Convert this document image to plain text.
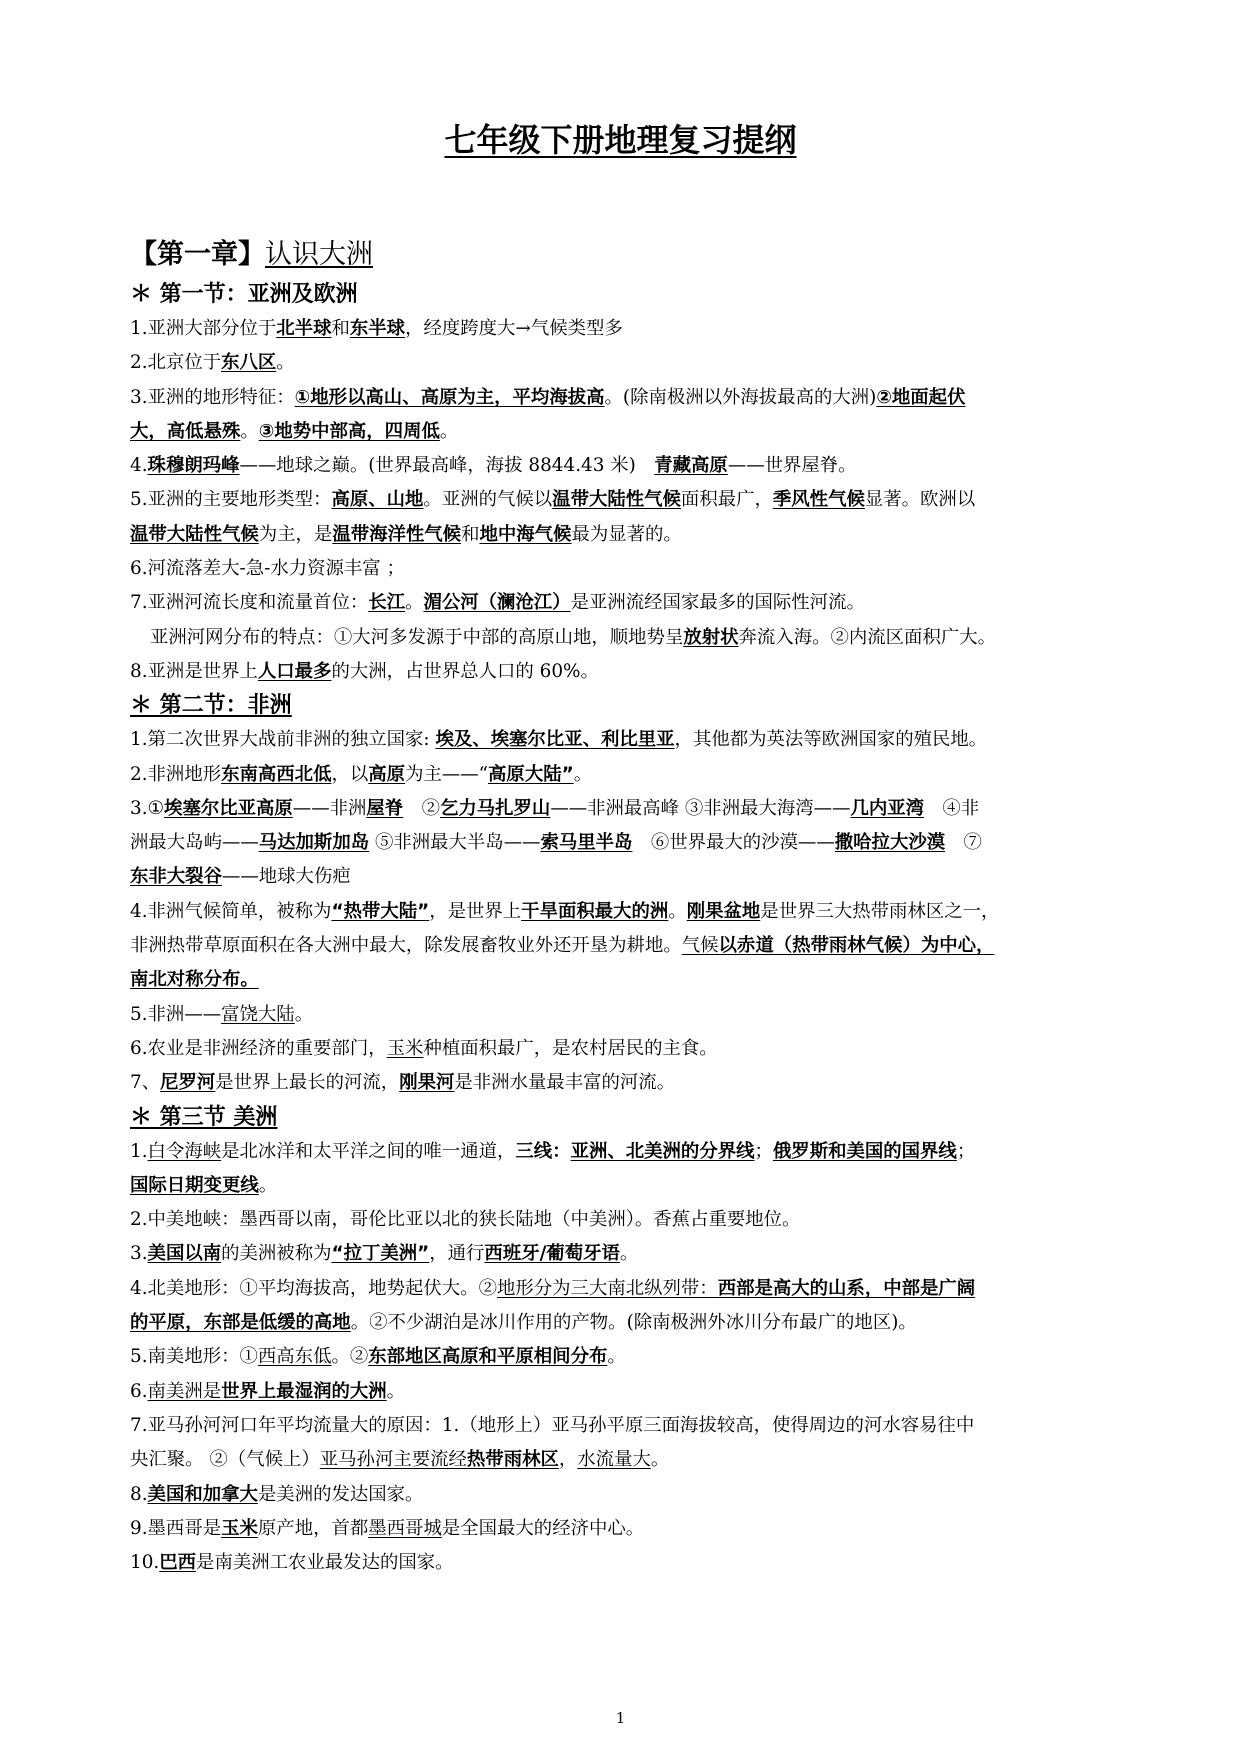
七年级下册地理复习提纲
【第一章】认识大洲
＊ 第一节：亚洲及欧洲
1.亚洲大部分位于北半球和东半球，经度跨度大→气候类型多
2.北京位于东八区。
3.亚洲的地形特征：①地形以高山、高原为主，平均海拔高。(除南极洲以外海拔最高的大洲)②地面起伏
大，高低悬殊。③地势中部高，四周低。
4.珠穆朗玛峰——地球之巅。(世界最高峰，海拔 8844.43 米)　青藏高原——世界屋脊。
5.亚洲的主要地形类型：高原、山地。亚洲的气候以温带大陆性气候面积最广，季风性气候显著。欧洲以
温带大陆性气候为主，是温带海洋性气候和地中海气候最为显著的。
6.河流落差大-急-水力资源丰富 ；
7.亚洲河流长度和流量首位：长江。湄公河（澜沧江）是亚洲流经国家最多的国际性河流。
亚洲河网分布的特点：①大河多发源于中部的高原山地，顺地势呈放射状奔流入海。②内流区面积广大。
8.亚洲是世界上人口最多的大洲，占世界总人口的 60%。
＊ 第二节：非洲
1.第二次世界大战前非洲的独立国家: 埃及、埃塞尔比亚、利比里亚，其他都为英法等欧洲国家的殖民地。
2.非洲地形东南高西北低，以高原为主——“高原大陆”。
3.①埃塞尔比亚高原——非洲屋脊　②乞力马扎罗山——非洲最高峰 ③非洲最大海湾——几内亚湾　④非
洲最大岛屿——马达加斯加岛 ⑤非洲最大半岛——索马里半岛　⑥世界最大的沙漠——撒哈拉大沙漠　⑦
东非大裂谷——地球大伤疤
4.非洲气候简单，被称为“热带大陆”，是世界上干旱面积最大的洲。刚果盆地是世界三大热带雨林区之一，
非洲热带草原面积在各大洲中最大，除发展畜牧业外还开垦为耕地。气候以赤道（热带雨林气候）为中心，
南北对称分布。
5.非洲——富饶大陆。
6.农业是非洲经济的重要部门，玉米种植面积最广，是农村居民的主食。
7、尼罗河是世界上最长的河流，刚果河是非洲水量最丰富的河流。
＊ 第三节 美洲
1.白令海峡是北冰洋和太平洋之间的唯一通道，三线：亚洲、北美洲的分界线；俄罗斯和美国的国界线；
国际日期变更线。
2.中美地峡：墨西哥以南，哥伦比亚以北的狭长陆地（中美洲）。香蕉占重要地位。
3.美国以南的美洲被称为“拉丁美洲”，通行西班牙/葡萄牙语。
4.北美地形：①平均海拔高，地势起伏大。②地形分为三大南北纵列带：西部是高大的山系，中部是广阔
的平原，东部是低缓的高地。②不少湖泊是冰川作用的产物。(除南极洲外冰川分布最广的地区)。
5.南美地形：①西高东低。②东部地区高原和平原相间分布。
6.南美洲是世界上最湿润的大洲。
7.亚马孙河河口年平均流量大的原因：1.（地形上）亚马孙平原三面海拔较高，使得周边的河水容易往中
央汇聚。 ②（气候上）亚马孙河主要流经热带雨林区，水流量大。
8.美国和加拿大是美洲的发达国家。
9.墨西哥是玉米原产地，首都墨西哥城是全国最大的经济中心。
10.巴西是南美洲工农业最发达的国家。
1
